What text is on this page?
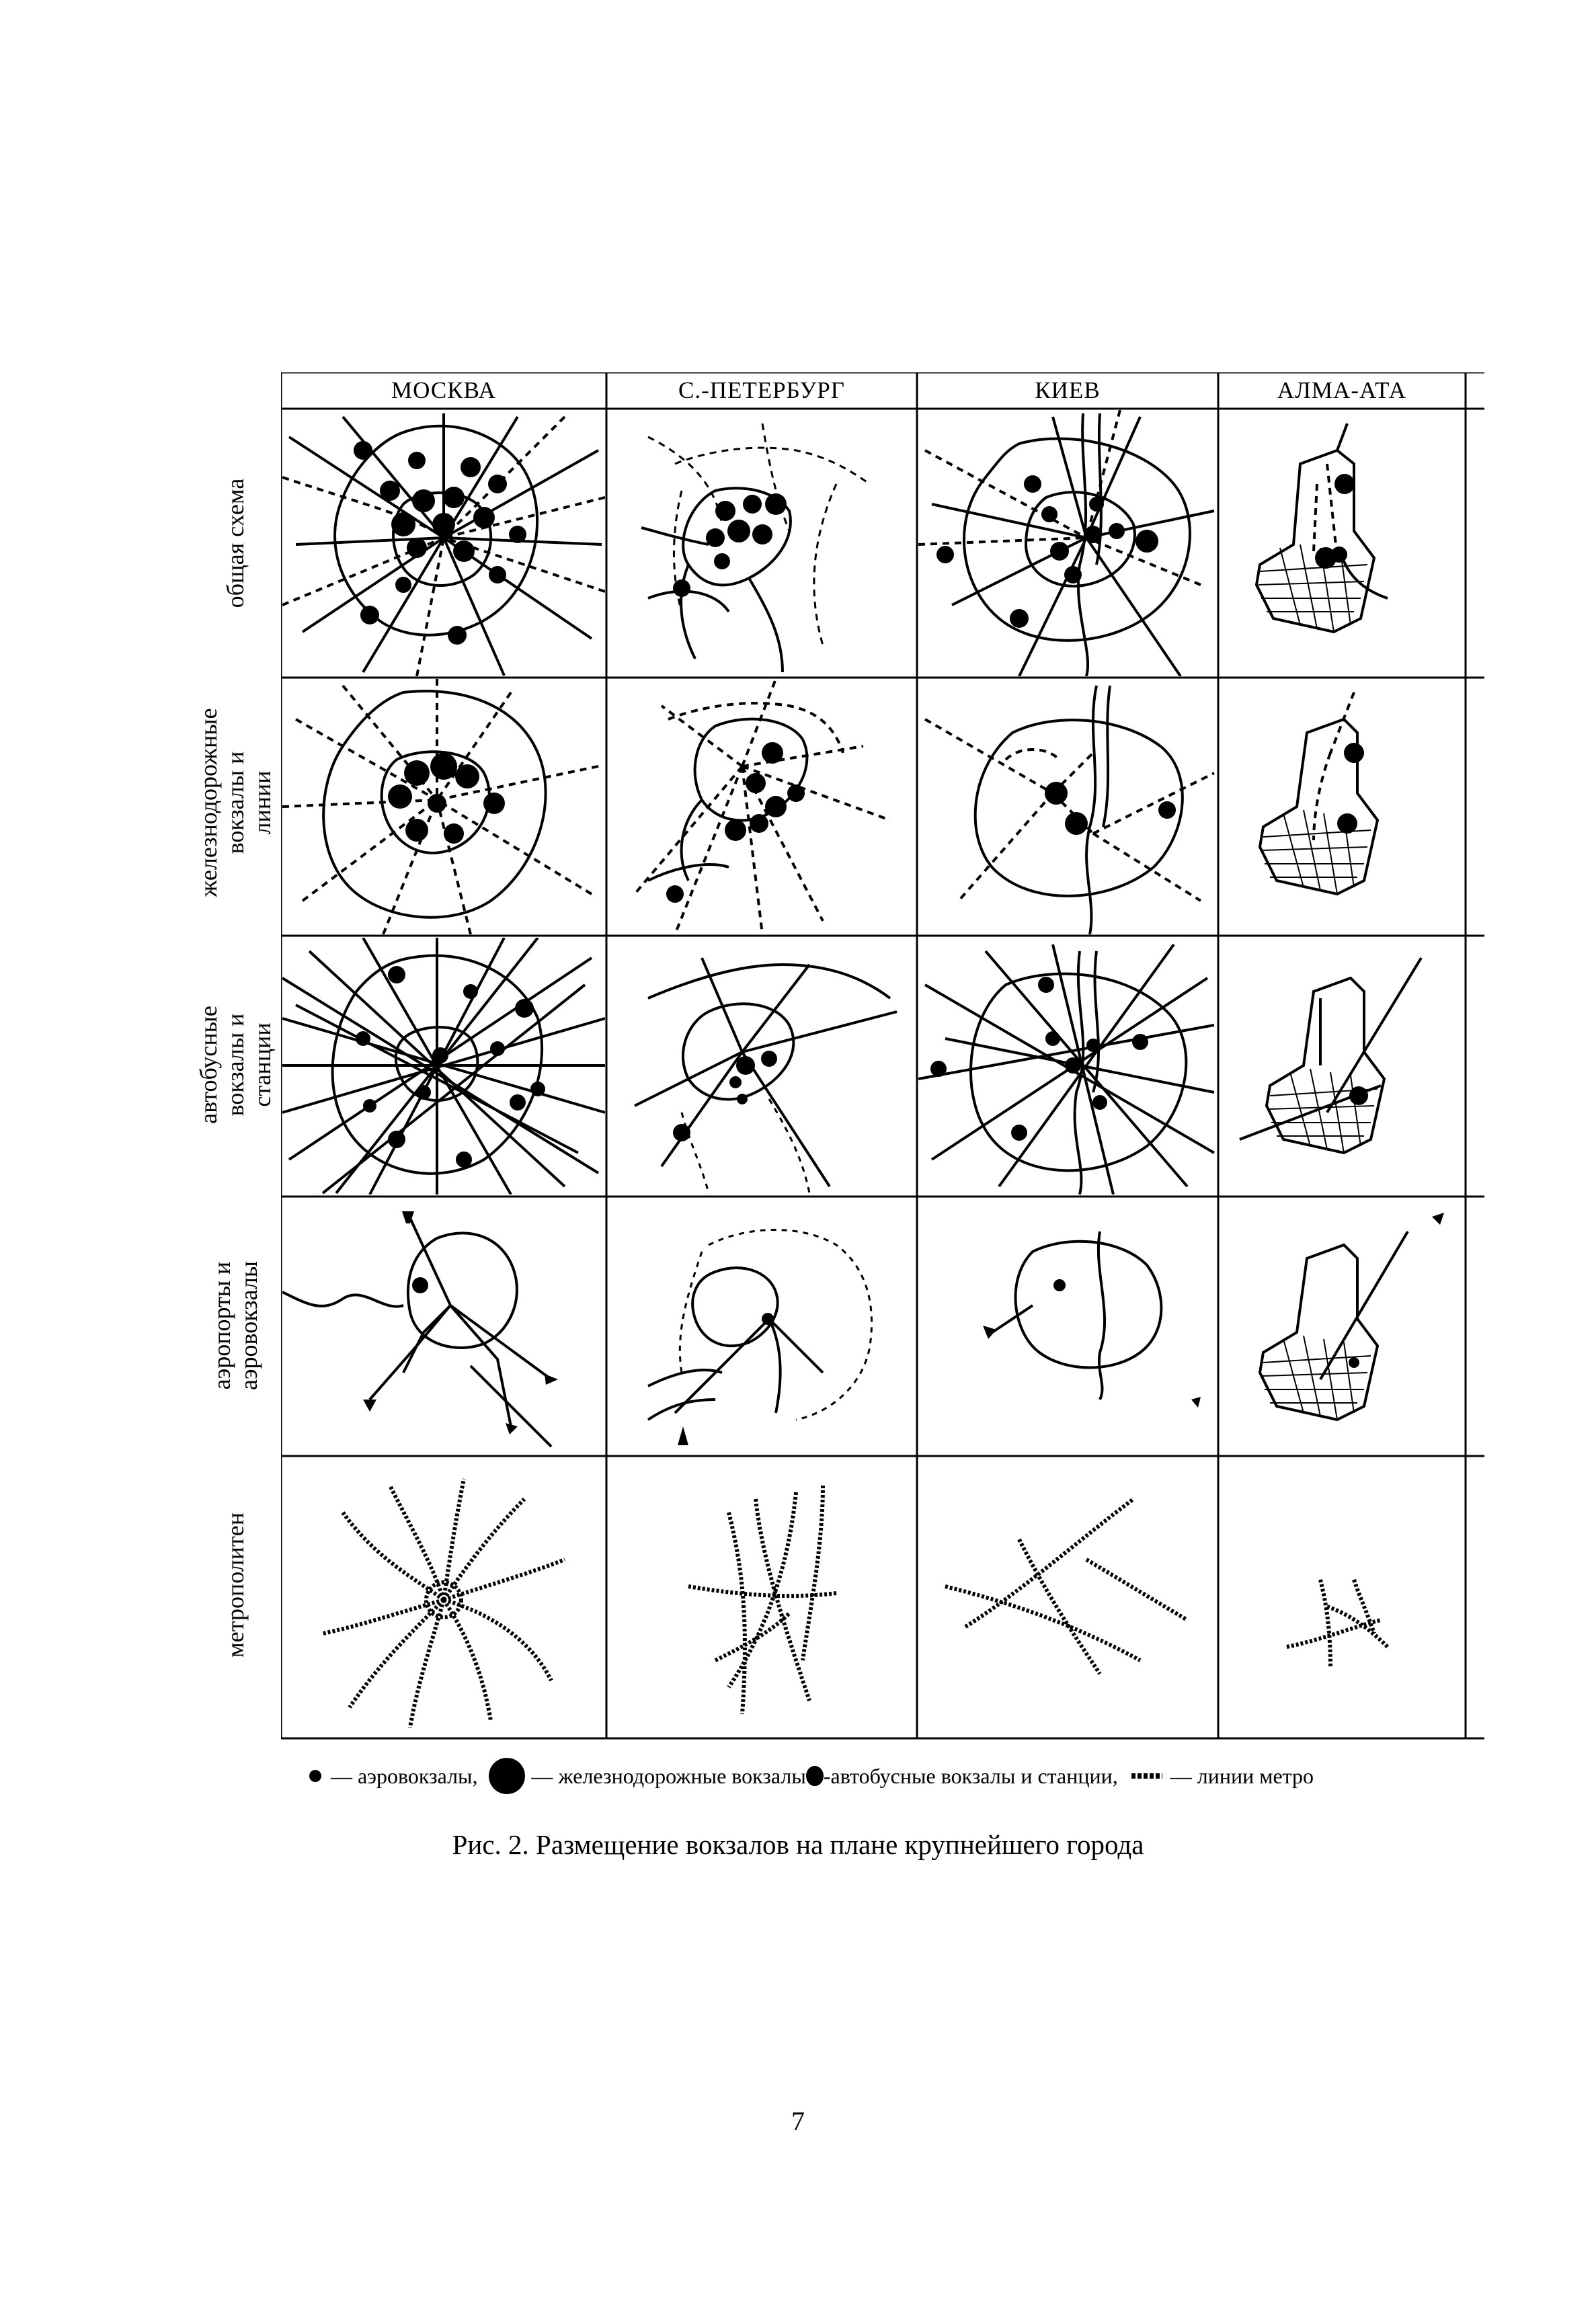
МОСКВА	С.-ПЕТЕРБУРГ	КИЕВ	АЛМА-АТА
общая схема
железнодорожные вокзалы и линии
автобусные вокзалы и станции
аэропорты и аэровокзалы
метрополитен
— аэровокзалы,	— железнодорожные вокзалы -автобусные вокзалы и станции, — линии метро
Рис. 2. Размещение вокзалов на плане крупнейшего города
7
